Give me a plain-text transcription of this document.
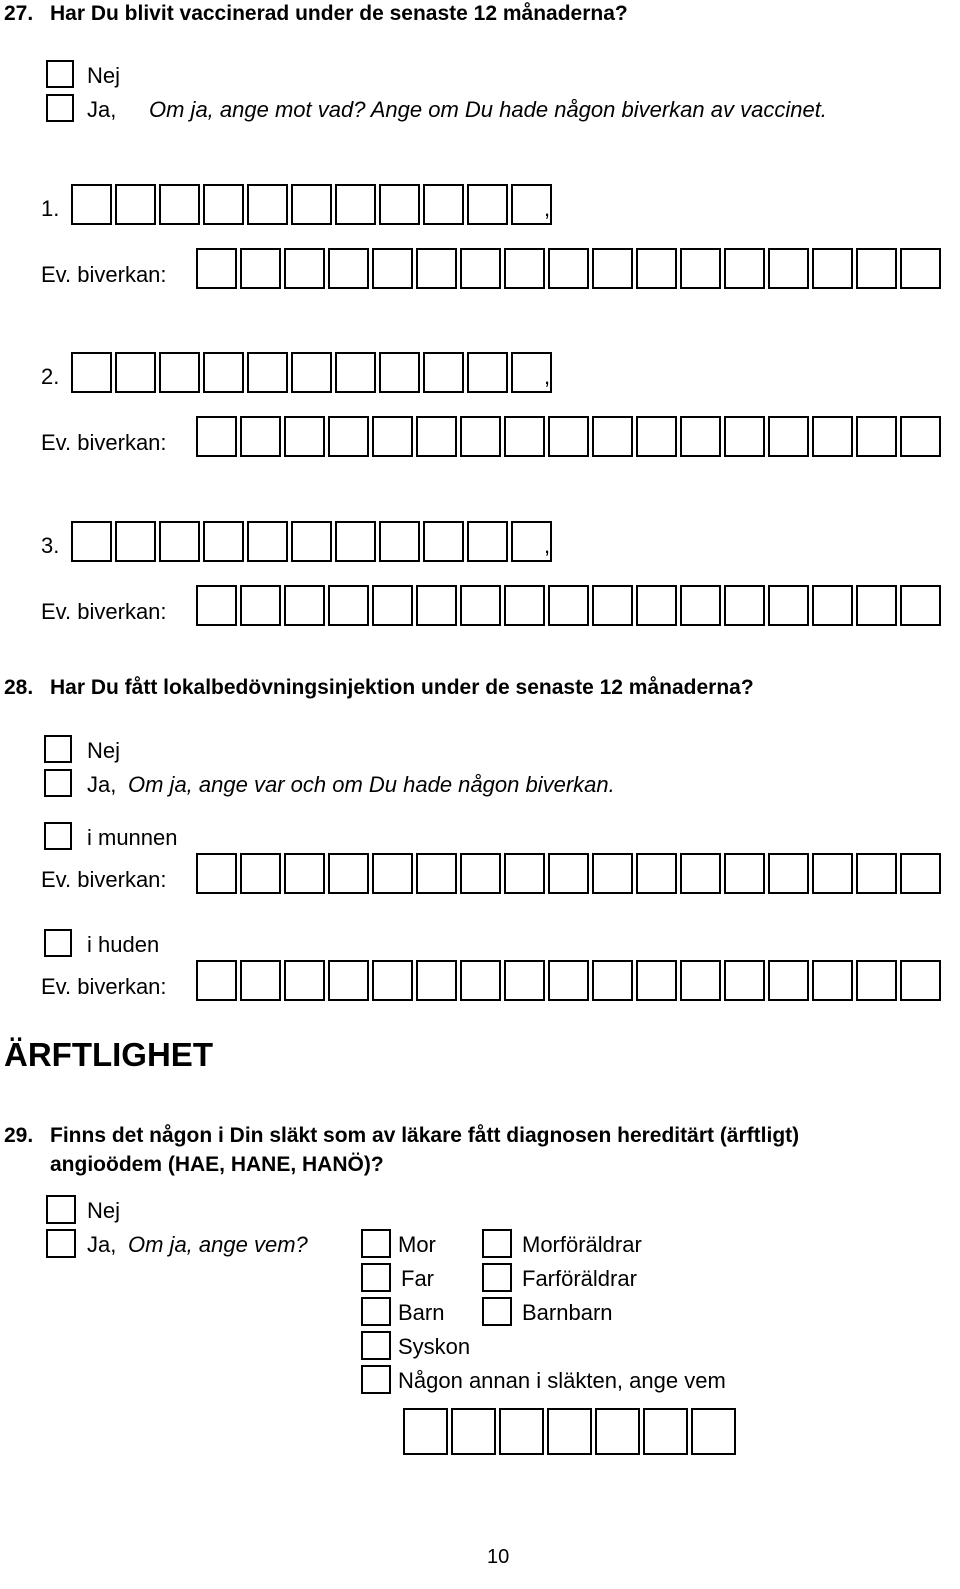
27. Har Du blivit vaccinerad under de senaste 12 månaderna?
Nej
Ja, Om ja, ange mot vad? Ange om Du hade någon biverkan av vaccinet.
1.	,
Ev. biverkan:
2.	,
Ev. biverkan:
3.	,
Ev. biverkan:
28. Har Du fått lokalbedövningsinjektion under de senaste 12 månaderna?
Nej
Ja, Om ja, ange var och om Du hade någon biverkan.
i munnen
Ev. biverkan:
i huden
Ev. biverkan:
ÄRFTLIGHET
29. Finns det någon i Din släkt som av läkare fått diagnosen hereditärt (ärftligt)
angioödem (HAE, HANE, HANÖ)?
Nej
Ja, Om ja, ange vem?	Mor
Far
Barn
Syskon
Någon annan i släkten, ange vem
Morföräldrar
Farföräldrar
Barnbarn
10
